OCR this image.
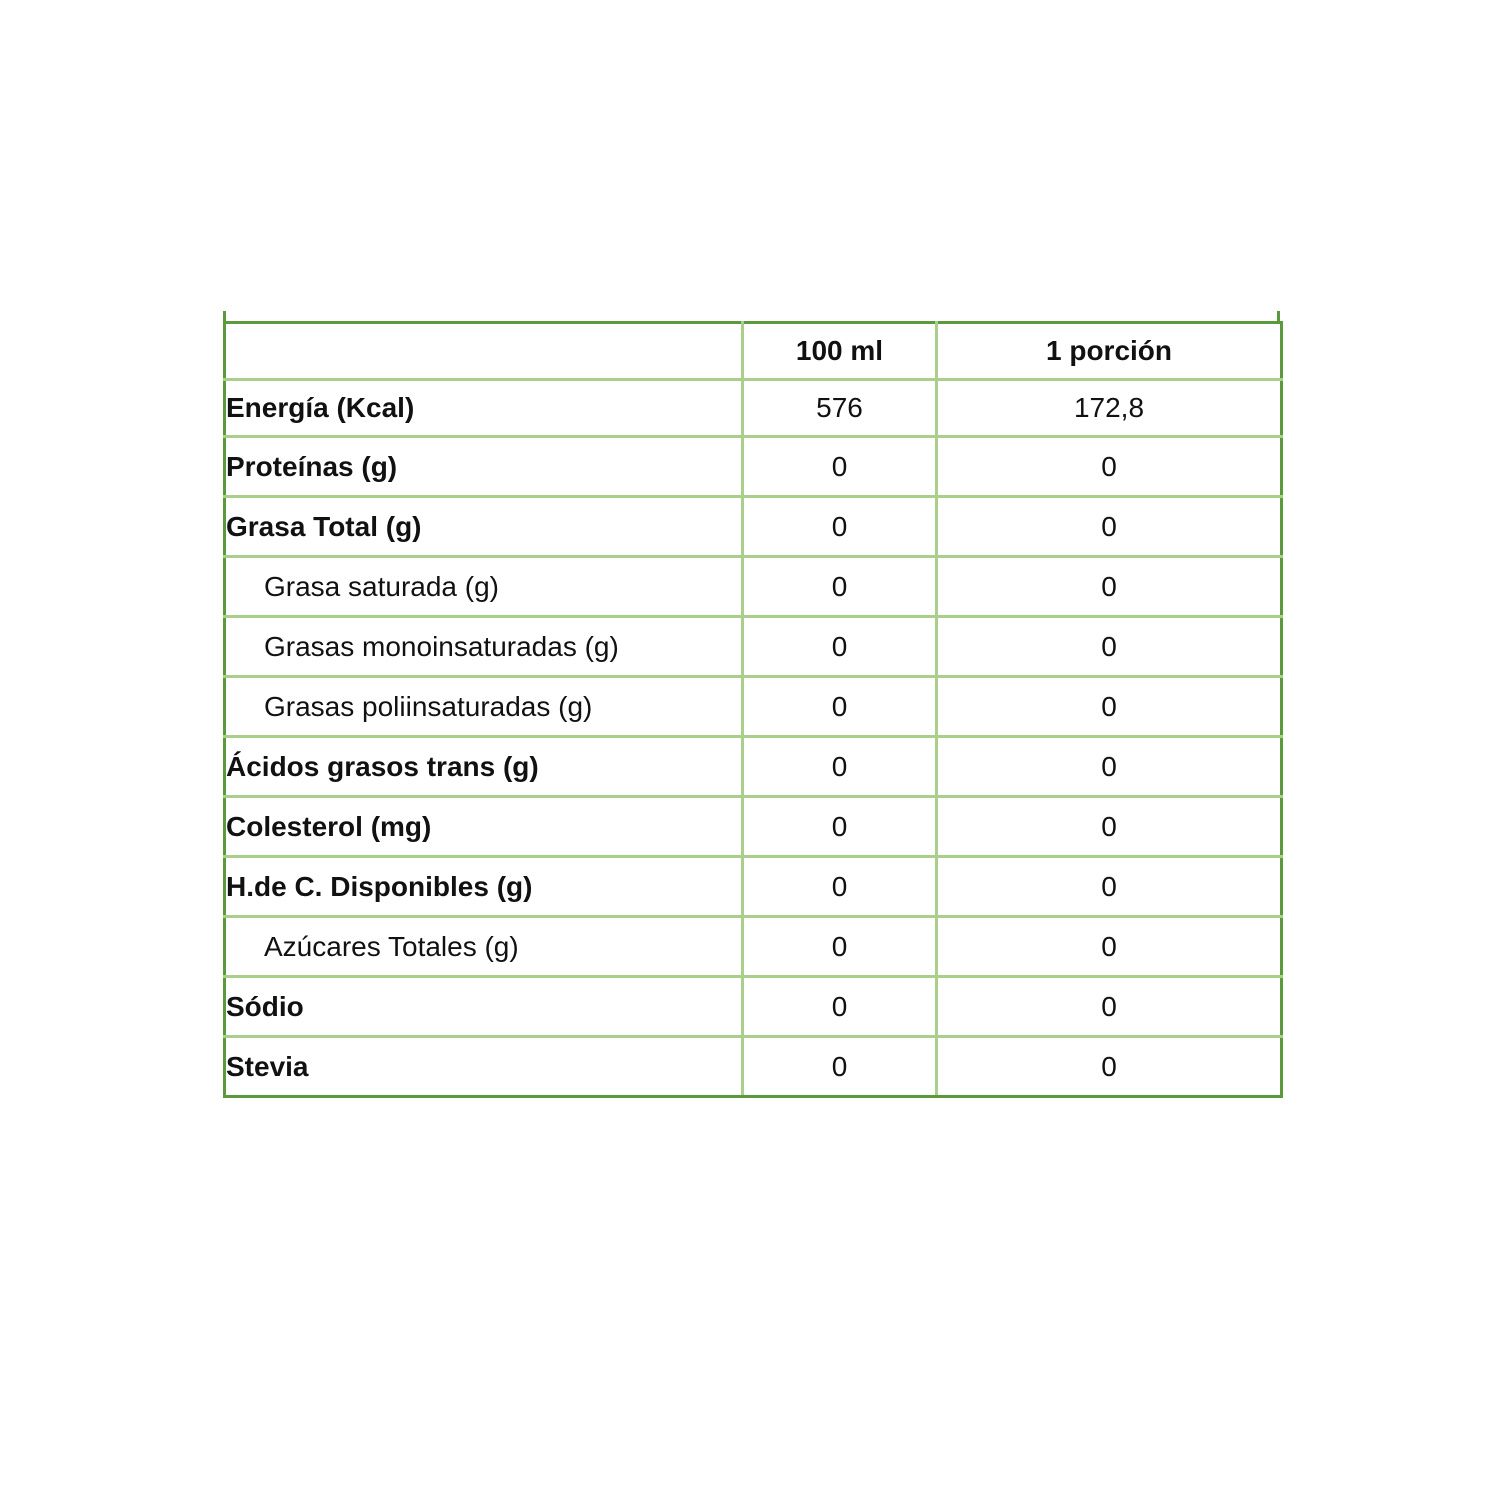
	100 ml	1 porción
Energía (Kcal)	576	172,8
Proteínas (g)	0	0
Grasa Total (g)	0	0
Grasa saturada (g)	0	0
Grasas monoinsaturadas (g)	0	0
Grasas poliinsaturadas (g)	0	0
Ácidos grasos trans (g)	0	0
Colesterol (mg)	0	0
H.de C. Disponibles (g)	0	0
Azúcares Totales (g)	0	0
Sódio	0	0
Stevia	0	0
